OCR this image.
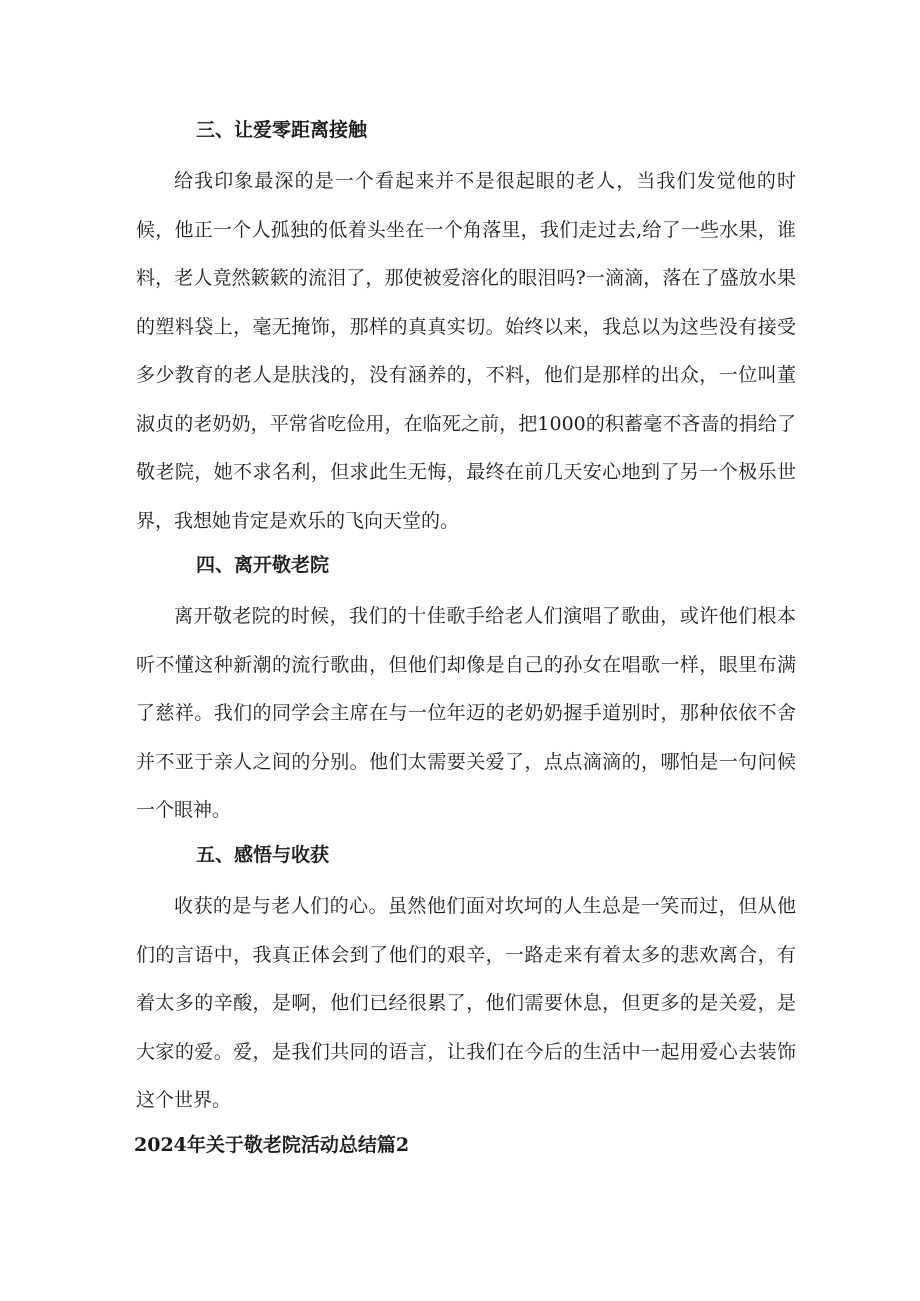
三、让爱零距离接触

给我印象最深的是一个看起来并不是很起眼的老人，当我们发觉他的时候，他正一个人孤独的低着头坐在一个角落里，我们走过去,给了一些水果，谁料，老人竟然簌簌的流泪了，那使被爱溶化的眼泪吗?一滴滴，落在了盛放水果的塑料袋上，毫无掩饰，那样的真真实切。始终以来，我总以为这些没有接受多少教育的老人是肤浅的，没有涵养的，不料，他们是那样的出众，一位叫董淑贞的老奶奶，平常省吃俭用，在临死之前，把1000的积蓄毫不吝啬的捐给了敬老院，她不求名利，但求此生无悔，最终在前几天安心地到了另一个极乐世界，我想她肯定是欢乐的飞向天堂的。

四、离开敬老院

离开敬老院的时候，我们的十佳歌手给老人们演唱了歌曲，或许他们根本听不懂这种新潮的流行歌曲，但他们却像是自己的孙女在唱歌一样，眼里布满了慈祥。我们的同学会主席在与一位年迈的老奶奶握手道别时，那种依依不舍并不亚于亲人之间的分别。他们太需要关爱了，点点滴滴的，哪怕是一句问候一个眼神。

五、感悟与收获

收获的是与老人们的心。虽然他们面对坎坷的人生总是一笑而过，但从他们的言语中，我真正体会到了他们的艰辛，一路走来有着太多的悲欢离合，有着太多的辛酸，是啊，他们已经很累了，他们需要休息，但更多的是关爱，是大家的爱。爱，是我们共同的语言，让我们在今后的生活中一起用爱心去装饰这个世界。

2024年关于敬老院活动总结篇2
